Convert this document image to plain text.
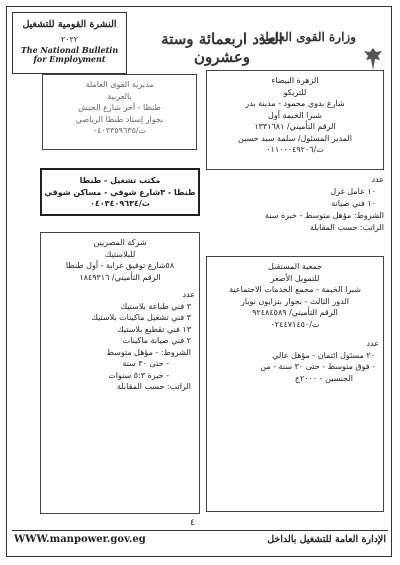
النشرة القومية للتشغيل
٢٠٢٢
The National Bulletin for Employment
العدد اربعمائة وستة وعشرون
وزارة القوى العاملة
مديرية القوى العاملة
بالغربية
طنطا - أخر شارع الجيش
بجوار إستاد طنطا الرياضي
ت/٠٤٠٣٣٥٩٦٣٥
مكتب تشغيل - طنطا
طنطا - ٣شارع شوقي - مساكن شوقي
ت/٠٤٠٣٤٠٩٦٣٤
شركة المصريين
للبلاستيك
٥٨شارع توفيق غرابة - أول طنطا
الرقم التأميني/ ١٨٤٩٣١٦
عدد
٣ فني طباعة بلاستيك
٣ فني تشغيل ماكينات بلاستيك
١٣ فني تقطيع بلاستيك
٢ فني صيانة ماكينات
الشروط: - مؤهل متوسط
- حتى ٣٠ سنة
- خبرة ٥:٣ سنوات
الراتب: حسب المقابلة
الزهرة البيضاء
للتريكو
شارع بدوي محمود - مدينة بدر
شبرا الخيمة أول
الرقم التأميني/ ١٣٣١٦٨١
المدير المسئول/ سلمة سيد حسين
ت/٠١١٠٠٠٤٩٢٠٦
عدد
١٠ عامل غزل
١٠ فني صيانة
الشروط: مؤهل متوسط - خبرة سنة
الراتب: حسب المقابلة
جمعية المستقبل
للتمويل الأصغر
شبرا الخيمة - مجمع الخدمات الاجتماعية
الدور الثالث - بجوار بنزايون نوبار
الرقم التأميني/ ٩٢٤٨٤٥٨٩
ت/٠٢٤٤٧١٤٥٠
عدد
٢٠ مسئول ائتمان - مؤهل عالي
- فوق متوسط - حتى ٣٠ سنة - من
الجنسين - ٢٠٠٠ج
٤
WWW.manpower.gov.eg	الإدارة العامة للتشغيل بالداخل
